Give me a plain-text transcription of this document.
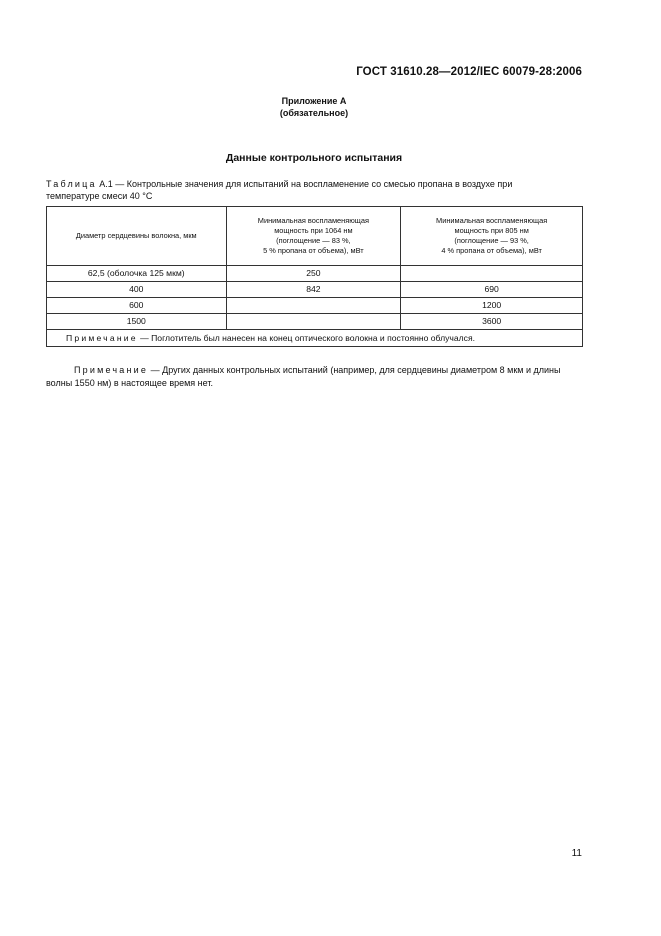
ГОСТ 31610.28—2012/IEC 60079-28:2006
Приложение А
(обязательное)
Данные контрольного испытания
Таблица А.1 — Контрольные значения для испытаний на воспламенение со смесью пропана в воздухе при
температуре смеси 40 °С
Диаметр сердцевины волокна, мкм	Минимальная воспламеняющая
мощность при 1064 нм
(поглощение — 83 %,
5 % пропана от объема), мВт	Минимальная воспламеняющая
мощность при 805 нм
(поглощение — 93 %,
4 % пропана от объема), мВт

62,5 (оболочка 125 мкм)	250	
400	842	690
600		1200
1500		3600
Примечание — Поглотитель был нанесен на конец оптического волокна и постоянно облучался.		
Примечание — Других данных контрольных испытаний (например, для сердцевины диаметром 8 мкм и длины волны 1550 нм) в настоящее время нет.
11
